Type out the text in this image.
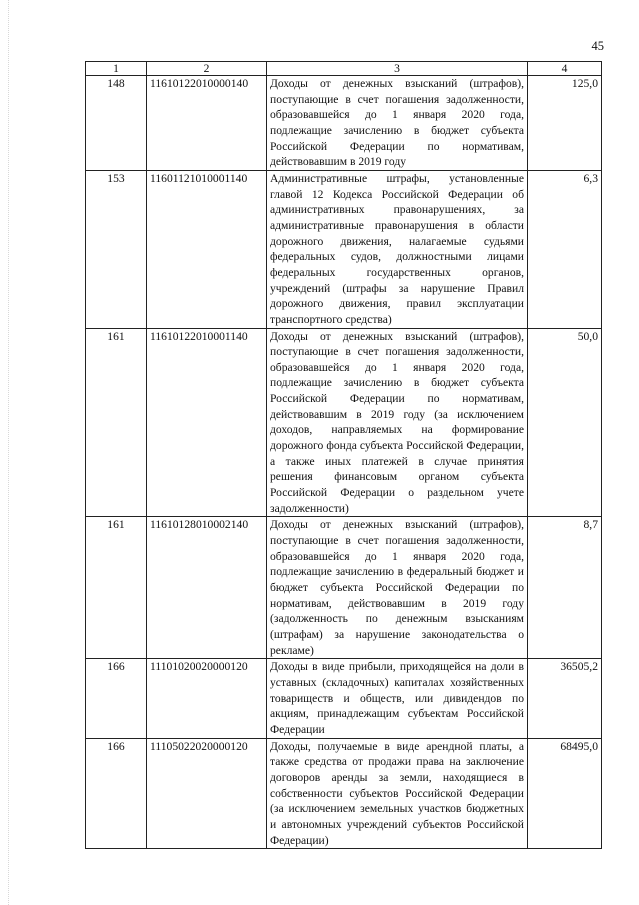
45
1	2	3	4
148	11610122010000140	Доходы от денежных взысканий (штрафов), поступающие в счет погашения задолженности, образовавшейся до 1 января 2020 года, подлежащие зачислению в бюджет субъекта Российской Федерации по нормативам, действовавшим в 2019 году	125,0
153	11601121010001140	Административные штрафы, установленные главой 12 Кодекса Российской Федерации об административных правонарушениях, за административные правонарушения в области дорожного движения, налагаемые судьями федеральных судов, должностными лицами федеральных государственных органов, учреждений (штрафы за нарушение Правил дорожного движения, правил эксплуатации транспортного средства)	6,3
161	11610122010001140	Доходы от денежных взысканий (штрафов), поступающие в счет погашения задолженности, образовавшейся до 1 января 2020 года, подлежащие зачислению в бюджет субъекта Российской Федерации по нормативам, действовавшим в 2019 году (за исключением доходов, направляемых на формирование дорожного фонда субъекта Российской Федерации, а также иных платежей в случае принятия решения финансовым органом субъекта Российской Федерации о раздельном учете задолженности)	50,0
161	11610128010002140	Доходы от денежных взысканий (штрафов), поступающие в счет погашения задолженности, образовавшейся до 1 января 2020 года, подлежащие зачислению в федеральный бюджет и бюджет субъекта Российской Федерации по нормативам, действовавшим в 2019 году (задолженность по денежным взысканиям (штрафам) за нарушение законодательства о рекламе)	8,7
166	11101020020000120	Доходы в виде прибыли, приходящейся на доли в уставных (складочных) капиталах хозяйственных товариществ и обществ, или дивидендов по акциям, принадлежащим субъектам Российской Федерации	36505,2
166	11105022020000120	Доходы, получаемые в виде арендной платы, а также средства от продажи права на заключение договоров аренды за земли, находящиеся в собственности субъектов Российской Федерации (за исключением земельных участков бюджетных и автономных учреждений субъектов Российской Федерации)	68495,0
